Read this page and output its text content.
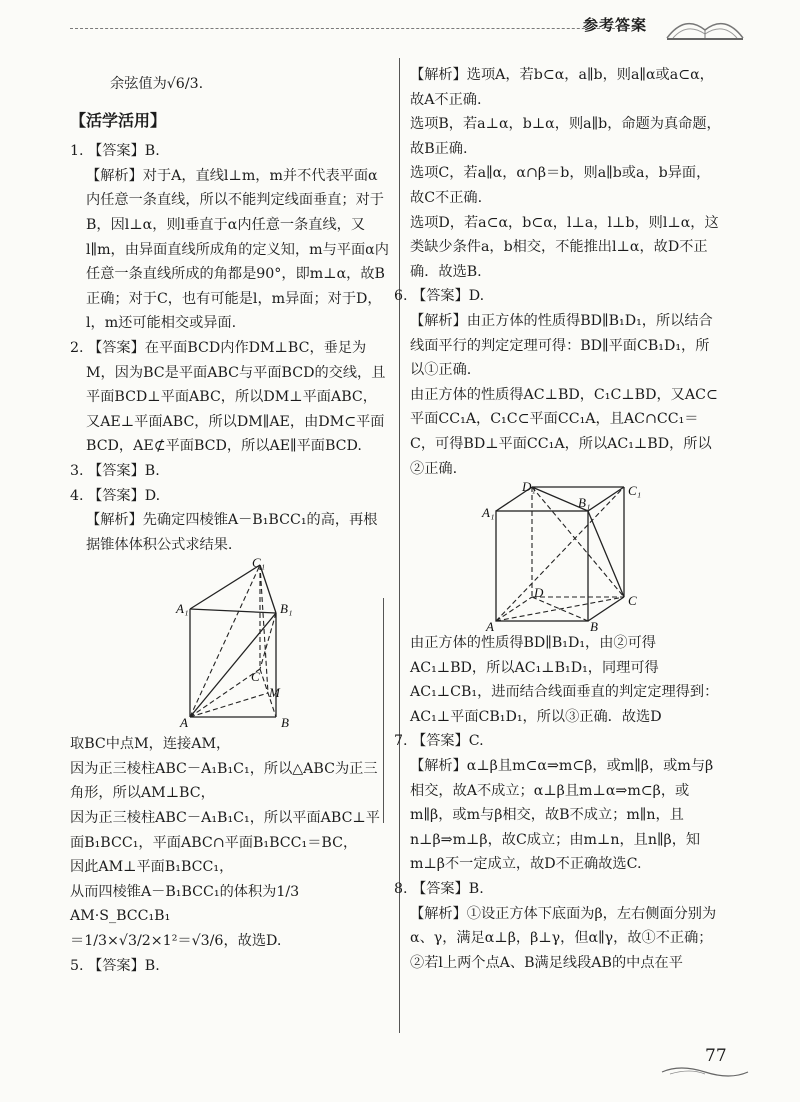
参考答案

余弦值为√6/3.

【活学活用】

1. 【答案】B.

【解析】对于A，直线l⊥m，m并不代表平面α内任意一条直线，所以不能判定线面垂直；对于B，因l⊥α，则l垂直于α内任意一条直线，又l∥m，由异面直线所成角的定义知，m与平面α内任意一条直线所成的角都是90°，即m⊥α，故B正确；对于C，也有可能是l，m异面；对于D，l，m还可能相交或异面.

2. 【答案】在平面BCD内作DM⊥BC，垂足为M，因为BC是平面ABC与平面BCD的交线，且平面BCD⊥平面ABC，所以DM⊥平面ABC，又AE⊥平面ABC，所以DM∥AE，由DM⊂平面BCD，AE⊄平面BCD，所以AE∥平面BCD.

3. 【答案】B.

4. 【答案】D.

【解析】先确定四棱锥A－B₁BCC₁的高，再根据锥体体积公式求结果.

C₁
A₁	B₁
C
M
A	B

取BC中点M，连接AM，

因为正三棱柱ABC－A₁B₁C₁，所以△ABC为正三角形，所以AM⊥BC，

因为正三棱柱ABC－A₁B₁C₁，所以平面ABC⊥平面B₁BCC₁，平面ABC∩平面B₁BCC₁＝BC，

因此AM⊥平面B₁BCC₁，

从而四棱锥A－B₁BCC₁的体积为1/3 AM·S_BCC₁B₁

＝1/3×√3/2×1²＝√3/6，故选D.

5. 【答案】B.

【解析】选项A，若b⊂α，a∥b，则a∥α或a⊂α，故A不正确.

选项B，若a⊥α，b⊥α，则a∥b，命题为真命题，故B正确.

选项C，若a∥α，α∩β＝b，则a∥b或a，b异面，故C不正确.

选项D，若a⊂α，b⊂α，l⊥a，l⊥b，则l⊥α，这类缺少条件a，b相交，不能推出l⊥α，故D不正确．故选B.

6. 【答案】D.

【解析】由正方体的性质得BD∥B₁D₁，所以结合线面平行的判定定理可得：BD∥平面CB₁D₁，所以①正确.

由正方体的性质得AC⊥BD，C₁C⊥BD，又AC⊂平面CC₁A，C₁C⊂平面CC₁A，且AC∩CC₁＝C，可得BD⊥平面CC₁A，所以AC₁⊥BD，所以②正确.

D₁	C₁
A₁
B₁
D
C
A	B

由正方体的性质得BD∥B₁D₁，由②可得AC₁⊥BD，所以AC₁⊥B₁D₁，同理可得AC₁⊥CB₁，进而结合线面垂直的判定定理得到：AC₁⊥平面CB₁D₁，所以③正确．故选D

7. 【答案】C.

【解析】α⊥β且m⊂α⇒m⊂β，或m∥β，或m与β相交，故A不成立；α⊥β且m⊥α⇒m⊂β，或m∥β，或m与β相交，故B不成立；m∥n，且n⊥β⇒m⊥β，故C成立；由m⊥n，且n∥β，知m⊥β不一定成立，故D不正确故选C.

8. 【答案】B.

【解析】①设正方体下底面为β，左右侧面分别为α、γ，满足α⊥β，β⊥γ，但α∥γ，故①不正确；

②若l上两个点A、B满足线段AB的中点在平

77
